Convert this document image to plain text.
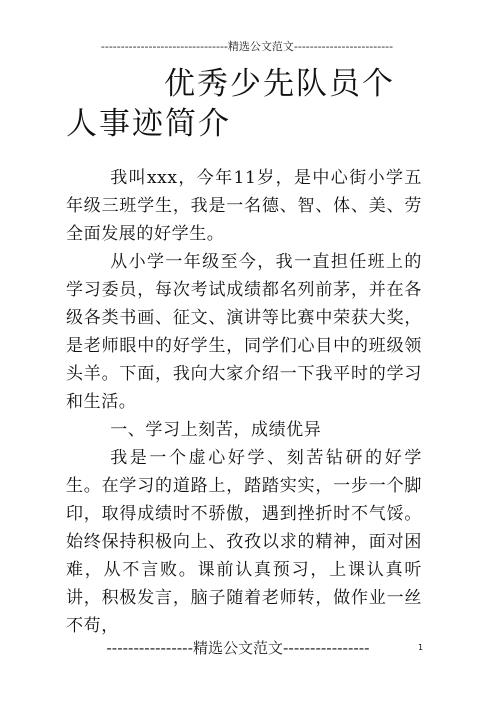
--------------------------------精选公文范文-------------------------
优秀少先队员个人事迹简介

我叫xxx，今年11岁，是中心街小学五年级三班学生，我是一名德、智、体、美、劳全面发展的好学生。

从小学一年级至今，我一直担任班上的学习委员，每次考试成绩都名列前茅，并在各级各类书画、征文、演讲等比赛中荣获大奖，是老师眼中的好学生，同学们心目中的班级领头羊。下面，我向大家介绍一下我平时的学习和生活。

一、学习上刻苦，成绩优异

我是一个虚心好学、刻苦钻研的好学生。在学习的道路上，踏踏实实，一步一个脚印，取得成绩时不骄傲，遇到挫折时不气馁。始终保持积极向上、孜孜以求的精神，面对困难，从不言败。课前认真预习，上课认真听讲，积极发言，脑子随着老师转，做作业一丝不苟，

1
----------------精选公文范文----------------
